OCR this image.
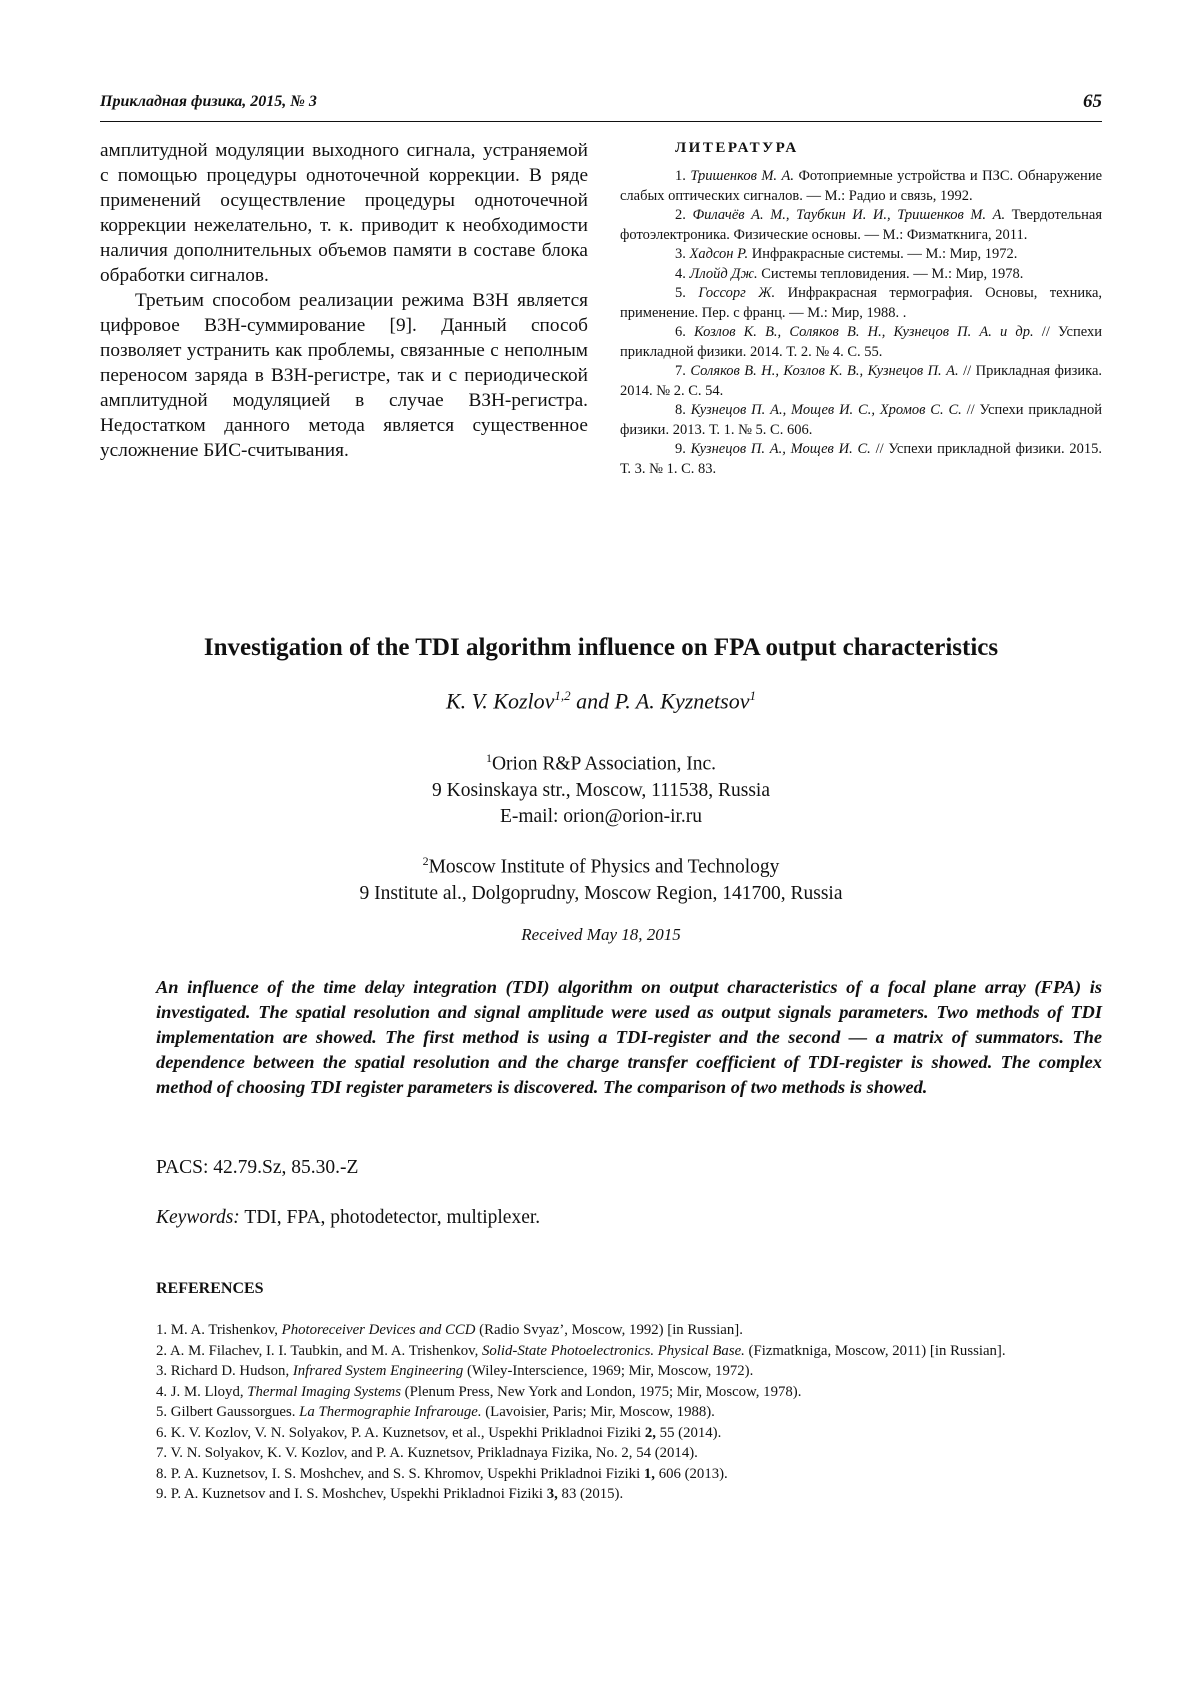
Прикладная физика, 2015, № 3	65

амплитудной модуляции выходного сигнала, устраняемой с помощью процедуры одноточечной коррекции. В ряде применений осуществление процедуры одноточечной коррекции нежелательно, т. к. приводит к необходимости наличия дополнительных объемов памяти в составе блока обработки сигналов.

Третьим способом реализации режима ВЗН является цифровое ВЗН-суммирование [9]. Данный способ позволяет устранить как проблемы, связанные с неполным переносом заряда в ВЗН-регистре, так и с периодической амплитудной модуляцией в случае ВЗН-регистра. Недостатком данного метода является существенное усложнение БИС-считывания.

ЛИТЕРАТУРА
1. Тришенков М. А. Фотоприемные устройства и ПЗС. Обнаружение слабых оптических сигналов. — М.: Радио и связь, 1992.
2. Филачёв А. М., Таубкин И. И., Тришенков М. А. Твердотельная фотоэлектроника. Физические основы. — М.: Физматкнига, 2011.
3. Хадсон Р. Инфракрасные системы. — М.: Мир, 1972.
4. Ллойд Дж. Системы тепловидения. — М.: Мир, 1978.
5. Госсорг Ж. Инфракрасная термография. Основы, техника, применение. Пер. с франц. — М.: Мир, 1988. .
6. Козлов К. В., Соляков В. Н., Кузнецов П. А. и др. // Успехи прикладной физики. 2014. Т. 2. № 4. С. 55.
7. Соляков В. Н., Козлов К. В., Кузнецов П. А. // Прикладная физика. 2014. № 2. С. 54.
8. Кузнецов П. А., Мощев И. С., Хромов С. С. // Успехи прикладной физики. 2013. Т. 1. № 5. С. 606.
9. Кузнецов П. А., Мощев И. С. // Успехи прикладной физики. 2015. Т. 3. № 1. С. 83.
Investigation of the TDI algorithm influence on FPA output characteristics
K. V. Kozlov$^{1,2}$ and P. A. Kyznetsov$^1$
$^1$Orion R&P Association, Inc.
9 Kosinskaya str., Moscow, 111538, Russia
E-mail: orion@orion-ir.ru
$^2$Moscow Institute of Physics and Technology
9 Institute al., Dolgoprudny, Moscow Region, 141700, Russia
Received May 18, 2015

An influence of the time delay integration (TDI) algorithm on output characteristics of a focal plane array (FPA) is investigated. The spatial resolution and signal amplitude were used as output signals parameters. Two methods of TDI implementation are showed. The first method is using a TDI-register and the second — a matrix of summators. The dependence between the spatial resolution and the charge transfer coefficient of TDI-register is showed. The complex method of choosing TDI register parameters is discovered. The comparison of two methods is showed.

PACS: 42.79.Sz, 85.30.-Z
Keywords: TDI, FPA, photodetector, multiplexer.
REFERENCES
1. M. A. Trishenkov, Photoreceiver Devices and CCD (Radio Svyaz’, Moscow, 1992) [in Russian].
2. A. M. Filachev, I. I. Taubkin, and M. A. Trishenkov, Solid-State Photoelectronics. Physical Base. (Fizmatkniga, Moscow, 2011) [in Russian].
3. Richard D. Hudson, Infrared System Engineering (Wiley-Interscience, 1969; Mir, Moscow, 1972).
4. J. M. Lloyd, Thermal Imaging Systems (Plenum Press, New York and London, 1975; Mir, Moscow, 1978).
5. Gilbert Gaussorgues. La Thermographie Infrarouge. (Lavoisier, Paris; Mir, Moscow, 1988).
6. K. V. Kozlov, V. N. Solyakov, P. A. Kuznetsov, et al., Uspekhi Prikladnoi Fiziki 2, 55 (2014).
7. V. N. Solyakov, K. V. Kozlov, and P. A. Kuznetsov, Prikladnaya Fizika, No. 2, 54 (2014).
8. P. A. Kuznetsov, I. S. Moshchev, and S. S. Khromov, Uspekhi Prikladnoi Fiziki 1, 606 (2013).
9. P. A. Kuznetsov and I. S. Moshchev, Uspekhi Prikladnoi Fiziki 3, 83 (2015).
